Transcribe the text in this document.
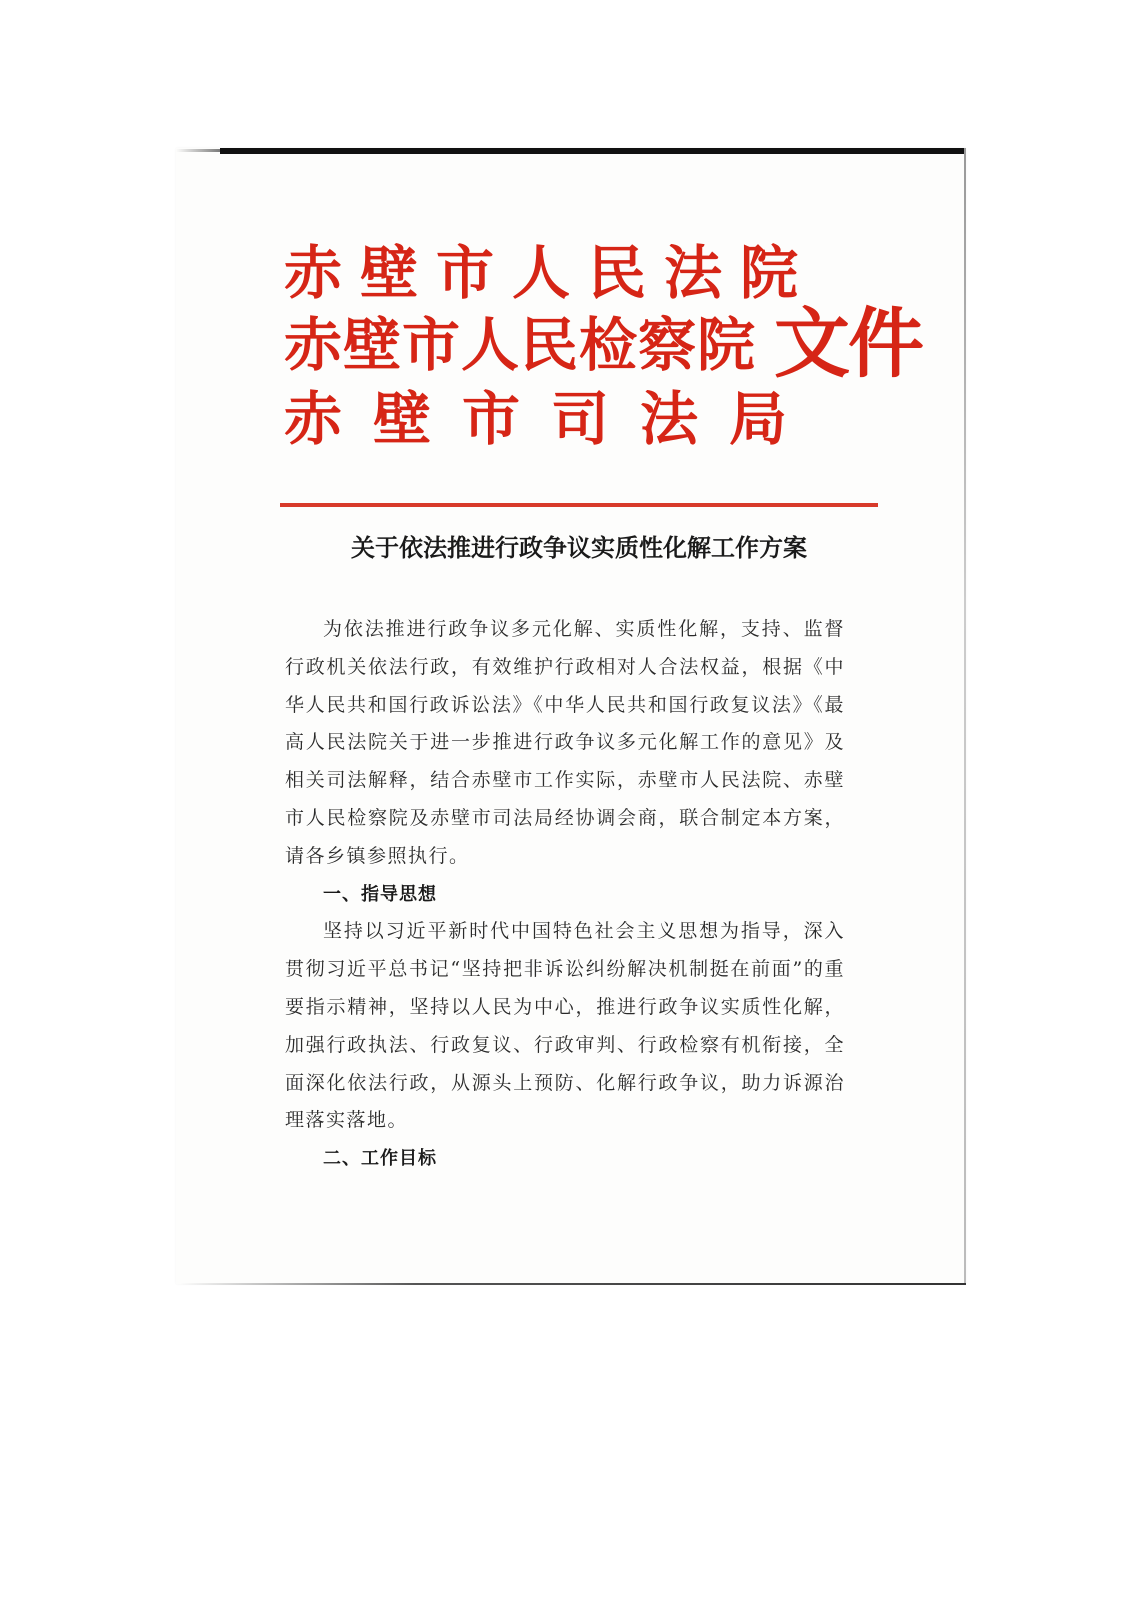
赤壁市人民法院
赤壁市人民检察院
赤壁市司法局
文件
关于依法推进行政争议实质性化解工作方案

为依法推进行政争议多元化解、实质性化解，支持、监督行政机关依法行政，有效维护行政相对人合法权益，根据《中华人民共和国行政诉讼法》《中华人民共和国行政复议法》《最高人民法院关于进一步推进行政争议多元化解工作的意见》及相关司法解释，结合赤壁市工作实际，赤壁市人民法院、赤壁市人民检察院及赤壁市司法局经协调会商，联合制定本方案，请各乡镇参照执行。

一、指导思想

坚持以习近平新时代中国特色社会主义思想为指导，深入贯彻习近平总书记“坚持把非诉讼纠纷解决机制挺在前面”的重要指示精神，坚持以人民为中心，推进行政争议实质性化解，加强行政执法、行政复议、行政审判、行政检察有机衔接，全面深化依法行政，从源头上预防、化解行政争议，助力诉源治理落实落地。

二、工作目标
